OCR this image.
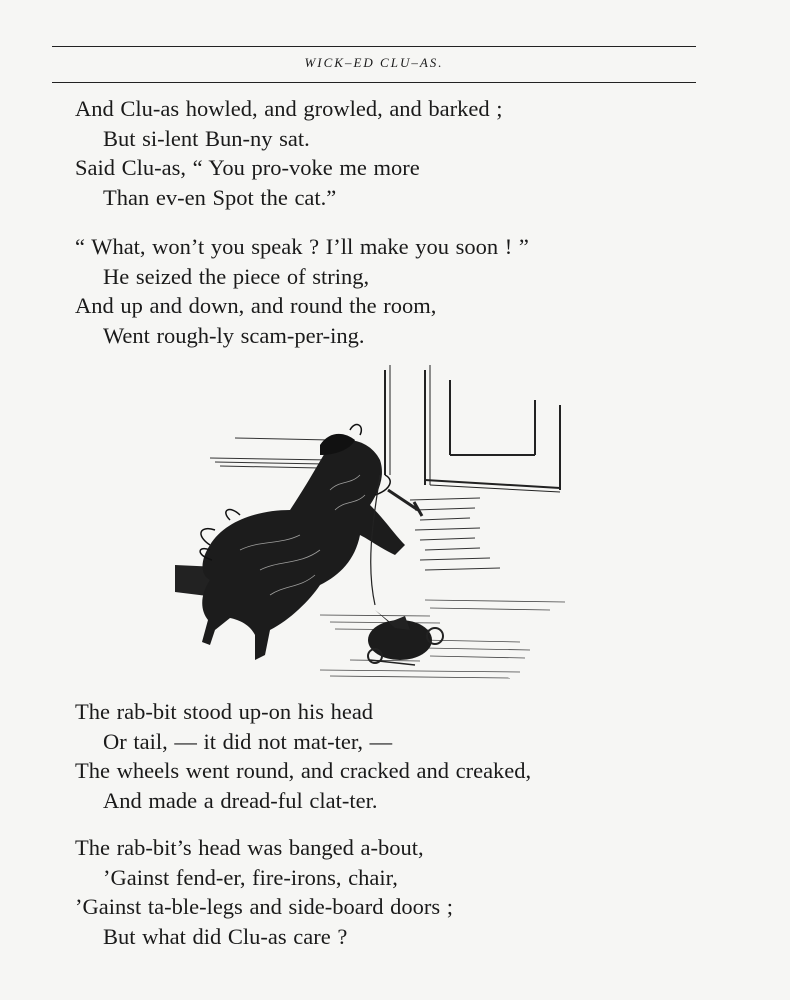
WICK–ED CLU–AS.
And Clu-as howled, and growled, and barked ;
But si-lent Bun-ny sat.
Said Clu-as, “ You pro-voke me more
Than ev-en Spot the cat.”
“ What, won’t you speak ? I’ll make you soon ! ”
He seized the piece of string,
And up and down, and round the room,
Went rough-ly scam-per-ing.
The rab-bit stood up-on his head
Or tail, — it did not mat-ter, —
The wheels went round, and cracked and creaked,
And made a dread-ful clat-ter.
The rab-bit’s head was banged a-bout,
’Gainst fend-er, fire-irons, chair,
’Gainst ta-ble-legs and side-board doors ;
But what did Clu-as care ?
